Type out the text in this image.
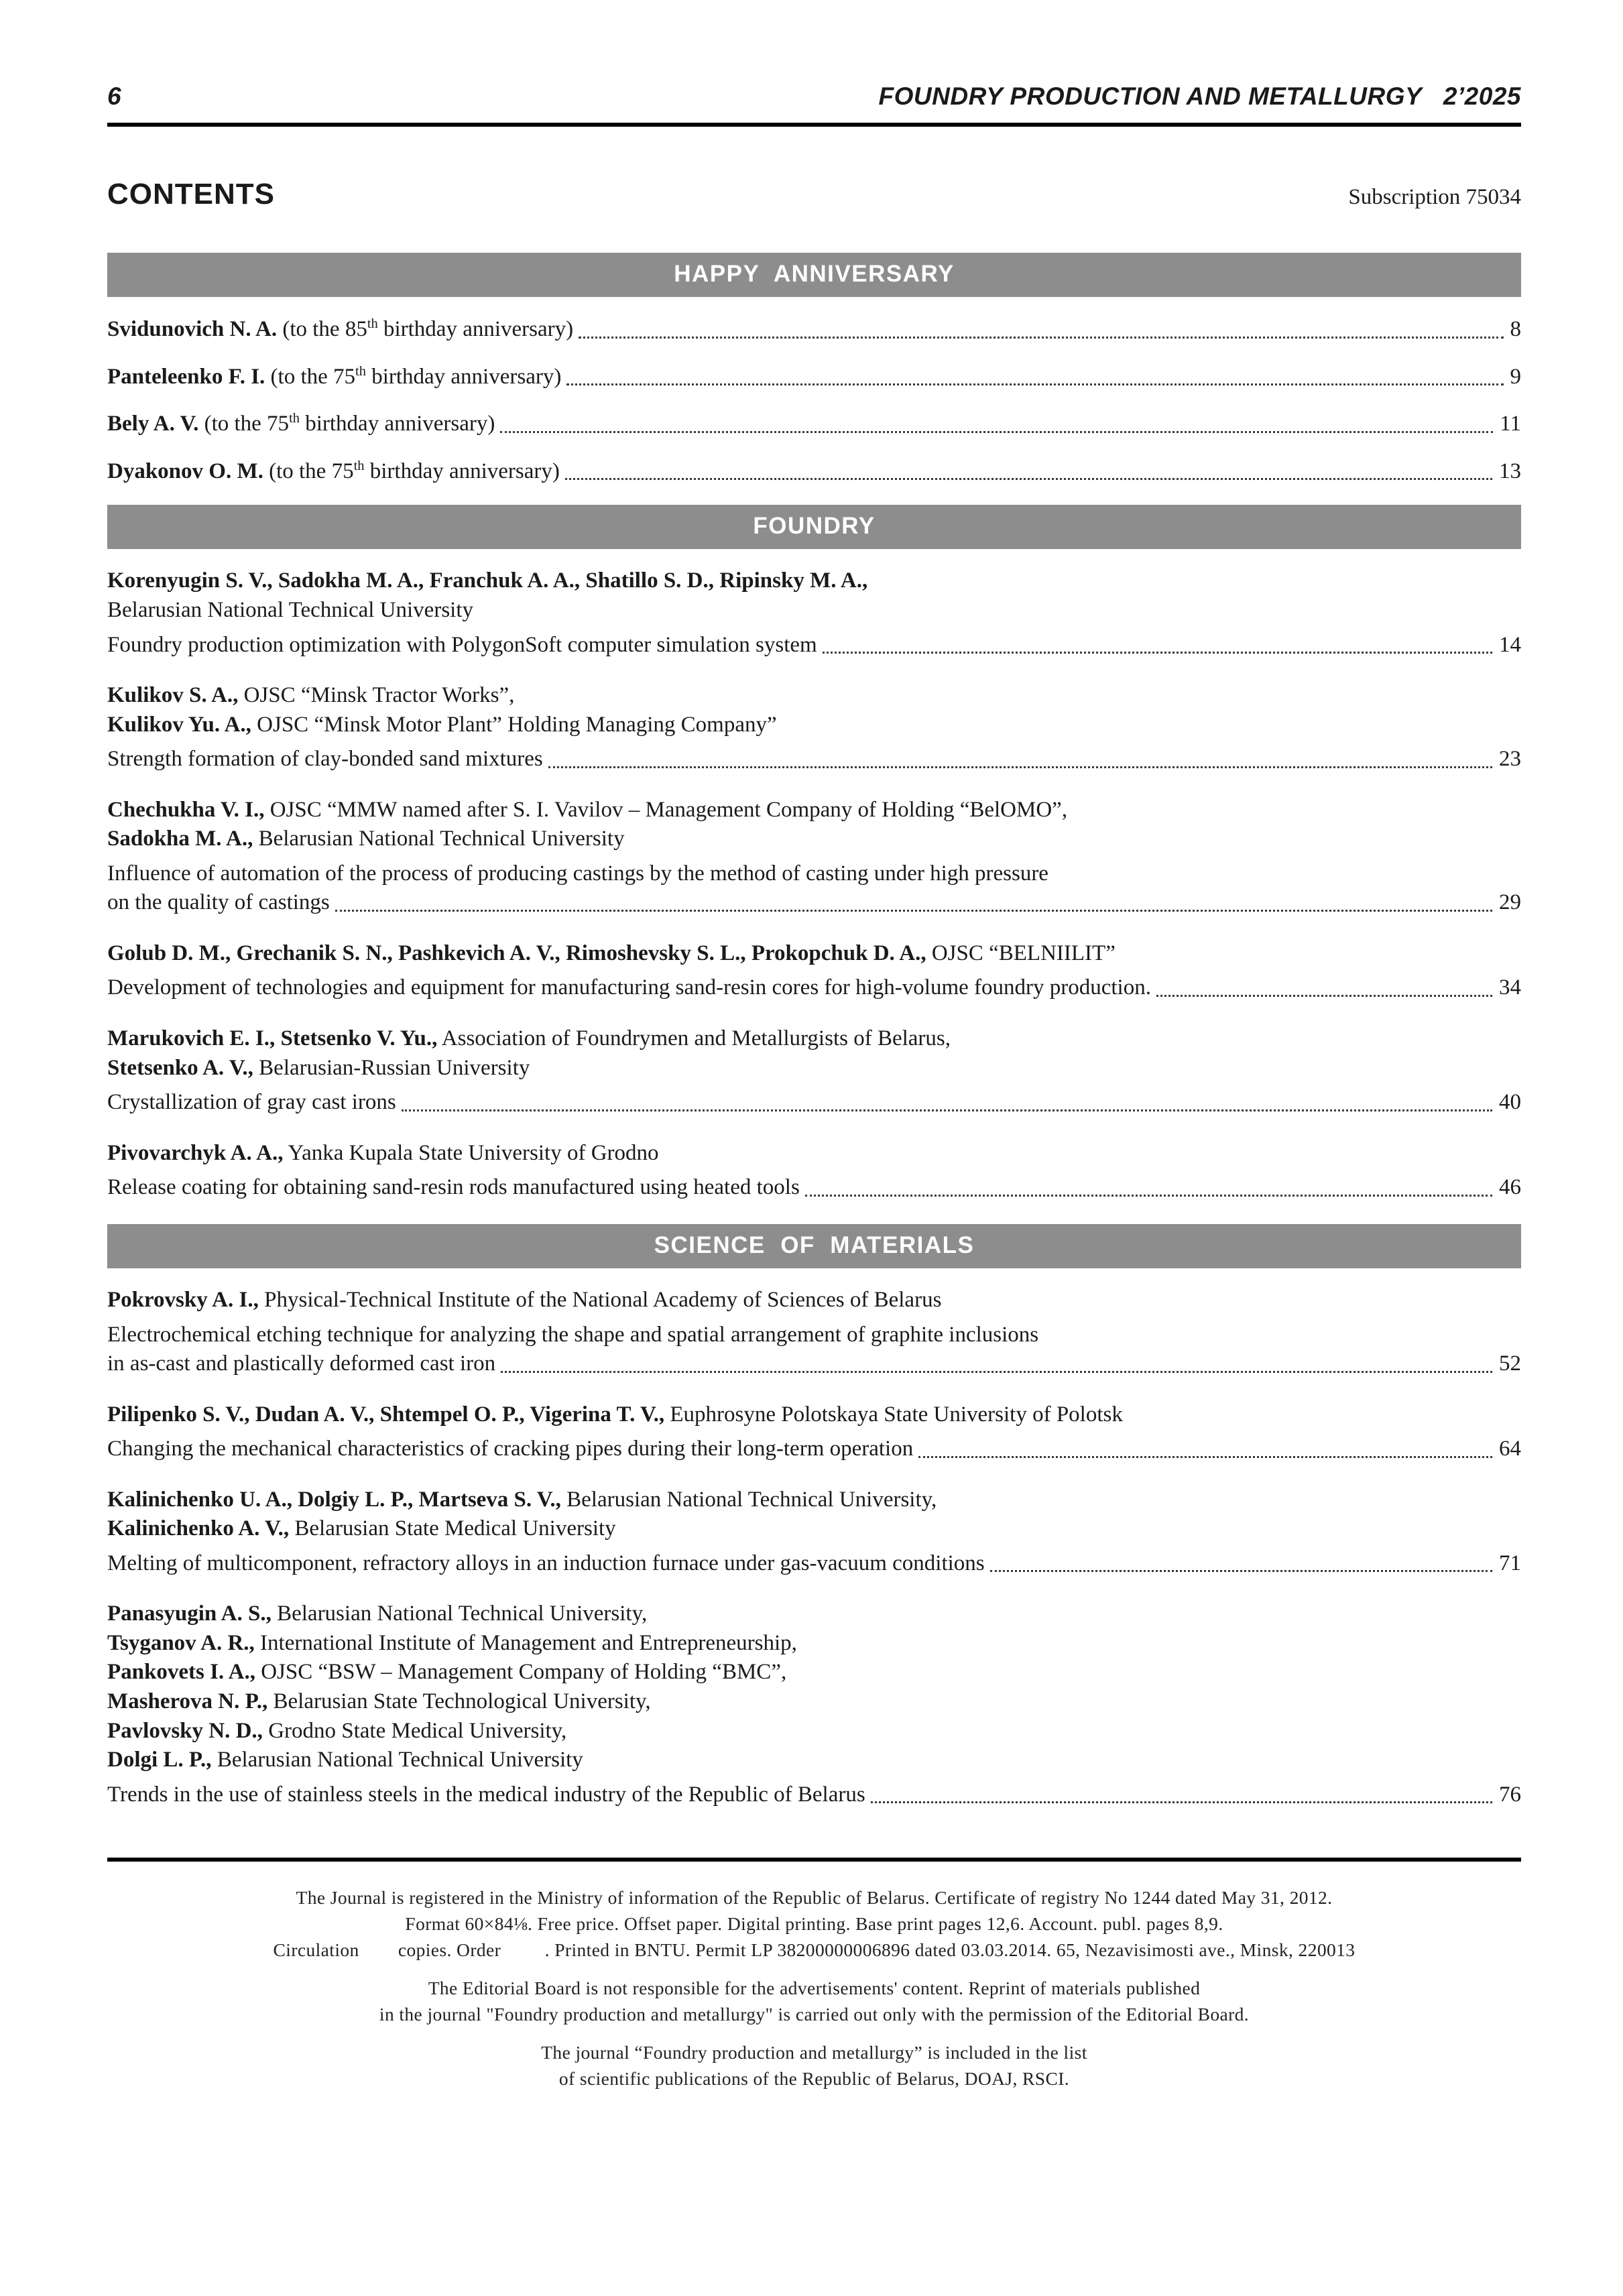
6	FOUNDRY PRODUCTION AND METALLURGY   2’2025
CONTENTS	Subscription 75034
HAPPY  ANNIVERSARY
Svidunovich N. A. (to the 85th birthday anniversary)	8
Panteleenko F. I. (to the 75th birthday anniversary)	9
Bely A. V. (to the 75th birthday anniversary)	11
Dyakonov O. M. (to the 75th birthday anniversary)	13
FOUNDRY
Korenyugin S. V., Sadokha M. A., Franchuk A. A., Shatillo S. D., Ripinsky M. A.,
Belarusian National Technical University
Foundry production optimization with PolygonSoft computer simulation system	14
Kulikov S. A., OJSC “Minsk Tractor Works”,
Kulikov Yu. A., OJSC “Minsk Motor Plant” Holding Managing Company”
Strength formation of clay-bonded sand mixtures	23
Chechukha V. I., OJSC “MMW named after S. I. Vavilov – Management Company of Holding “BelOMO”,
Sadokha M. A., Belarusian National Technical University
Influence of automation of the process of producing castings by the method of casting under high pressure
on the quality of castings	29
Golub D. M., Grechanik S. N., Pashkevich A. V., Rimoshevsky S. L., Prokopchuk D. A., OJSC “BELNIILIT”
Development of technologies and equipment for manufacturing sand-resin cores for high-volume foundry production.	34
Marukovich E. I., Stetsenko V. Yu., Association of Foundrymen and Metallurgists of Belarus,
Stetsenko A. V., Belarusian-Russian University
Crystallization of gray cast irons	40
Pivovarchyk A. A., Yanka Kupala State University of Grodno
Release coating for obtaining sand-resin rods manufactured using heated tools	46
SCIENCE  OF  MATERIALS
Pokrovsky A. I., Physical-Technical Institute of the National Academy of Sciences of Belarus
Electrochemical etching technique for analyzing the shape and spatial arrangement of graphite inclusions
in as-cast and plastically deformed cast iron	52
Pilipenko S. V., Dudan A. V., Shtempel O. P., Vigerina T. V., Euphrosyne Polotskaya State University of Polotsk
Changing the mechanical characteristics of cracking pipes during their long-term operation	64
Kalinichenko U. A., Dolgiy L. P., Martseva S. V., Belarusian National Technical University,
Kalinichenko A. V., Belarusian State Medical University
Melting of multicomponent, refractory alloys in an induction furnace under gas-vacuum conditions	71
Panasyugin A. S., Belarusian National Technical University,
Tsyganov A. R., International Institute of Management and Entrepreneurship,
Pankovets I. A., OJSC “BSW – Management Company of Holding “BMC”,
Masherova N. P., Belarusian State Technological University,
Pavlovsky N. D., Grodno State Medical University,
Dolgi L. P., Belarusian National Technical University
Trends in the use of stainless steels in the medical industry of the Republic of Belarus	76
The Journal is registered in the Ministry of information of the Republic of Belarus. Certificate of registry No 1244 dated May 31, 2012.
Format 60×84⅛. Free price. Offset paper. Digital printing. Base print pages 12,6. Account. publ. pages 8,9.
Circulation        copies. Order         . Printed in BNTU. Permit LP 38200000006896 dated 03.03.2014. 65, Nezavisimosti ave., Minsk, 220013
The Editorial Board is not responsible for the advertisements' content. Reprint of materials published
in the journal "Foundry production and metallurgy" is carried out only with the permission of the Editorial Board.
The journal “Foundry production and metallurgy” is included in the list
of scientific publications of the Republic of Belarus, DOAJ, RSCI.
